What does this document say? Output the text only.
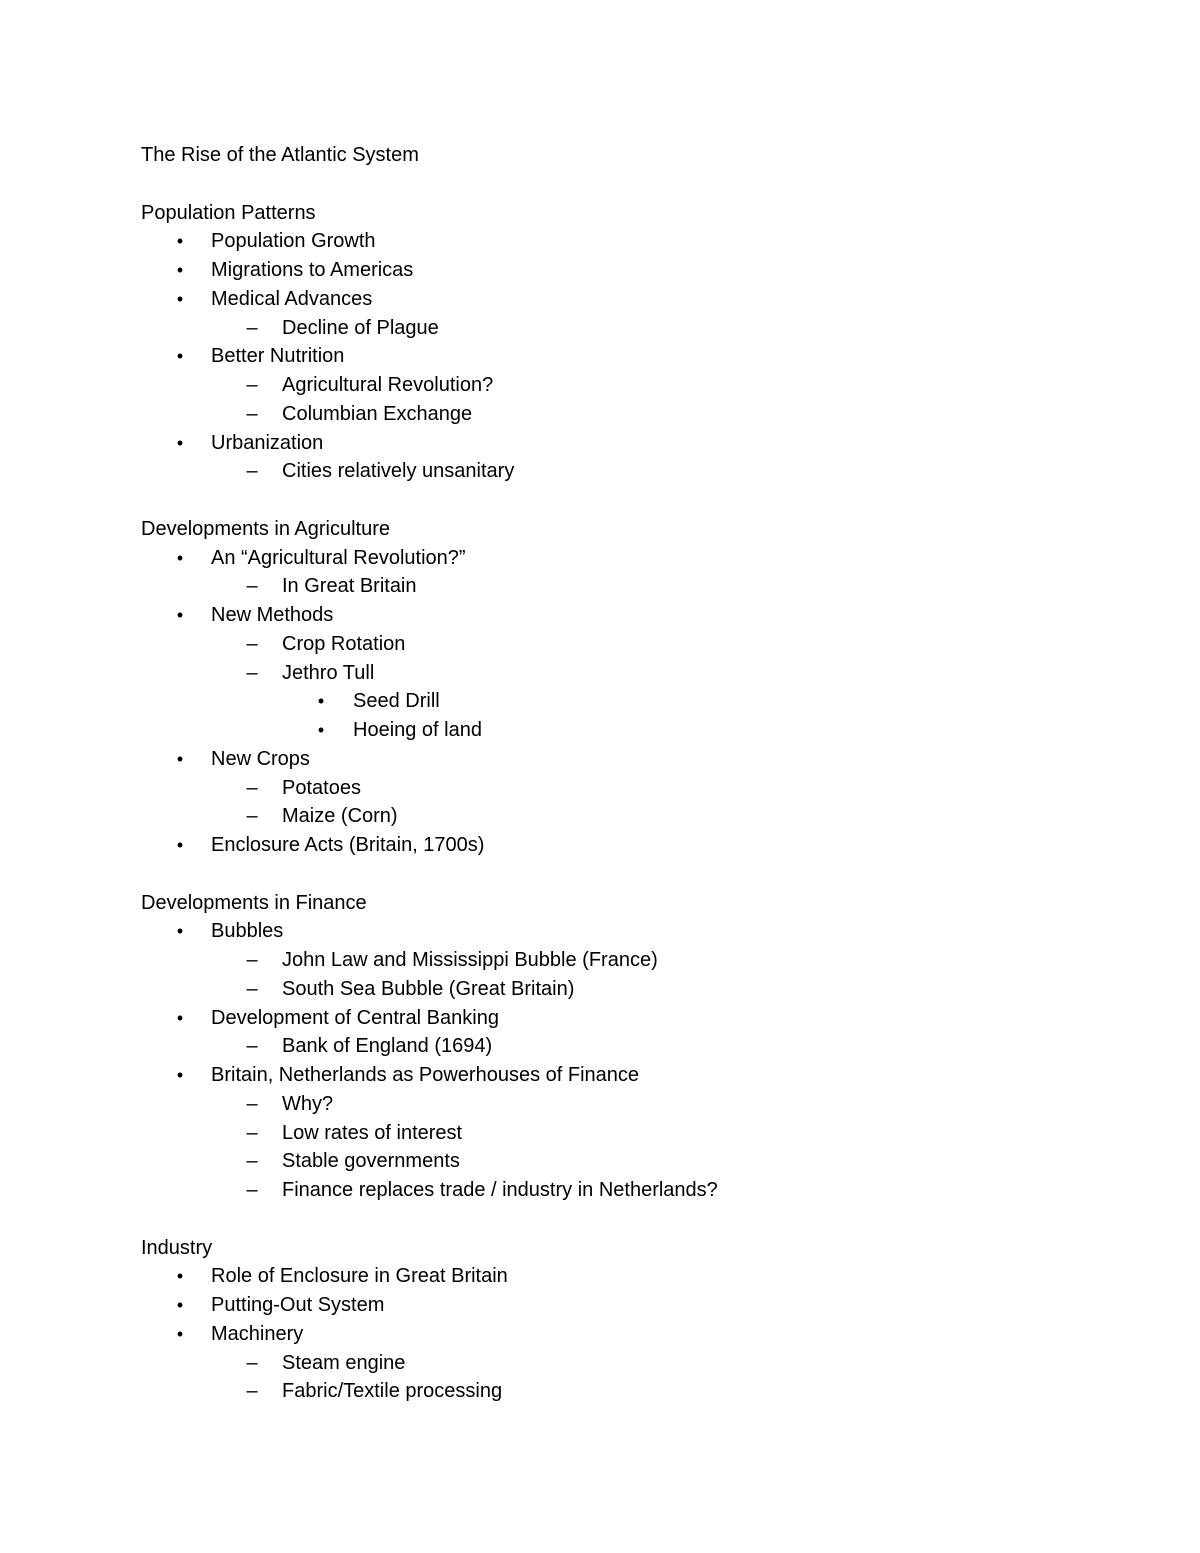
The Rise of the Atlantic System
Population Patterns
•	Population Growth
•	Migrations to Americas
•	Medical Advances
– Decline of Plague
•	Better Nutrition
– Agricultural Revolution?
– Columbian Exchange
•	Urbanization
– Cities relatively unsanitary
Developments in Agriculture
•	An “Agricultural Revolution?”
– In Great Britain
•	New Methods
– Crop Rotation
– Jethro Tull
•	Seed Drill
•	Hoeing of land
•	New Crops
– Potatoes
– Maize (Corn)
•	Enclosure Acts (Britain, 1700s)
Developments in Finance
•	Bubbles
– John Law and Mississippi Bubble (France)
– South Sea Bubble (Great Britain)
•	Development of Central Banking
– Bank of England (1694)
•	Britain, Netherlands as Powerhouses of Finance
– Why?
– Low rates of interest
– Stable governments
– Finance replaces trade / industry in Netherlands?
Industry
•	Role of Enclosure in Great Britain
•	Putting-Out System
•	Machinery
– Steam engine
– Fabric/Textile processing
